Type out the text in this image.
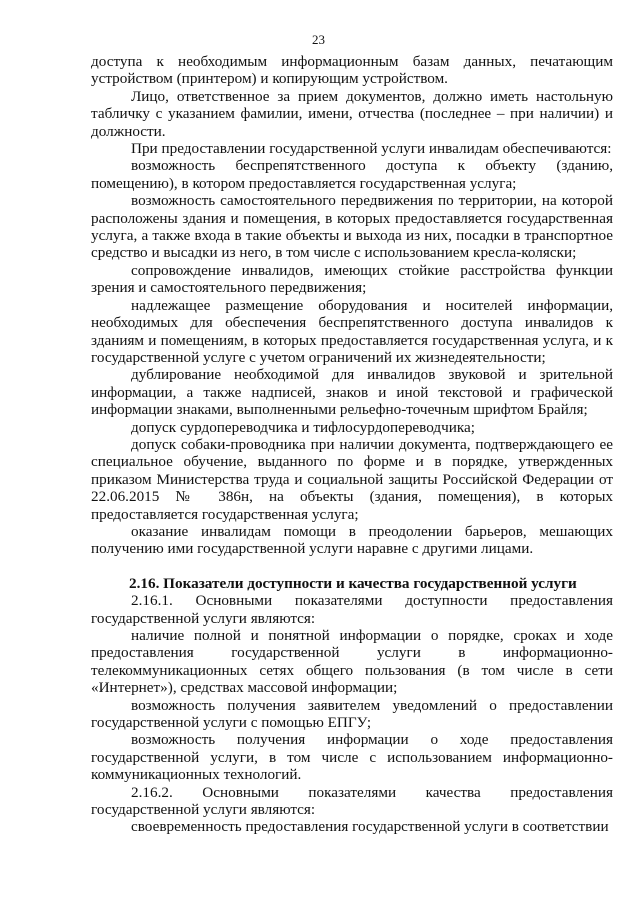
23

доступа к необходимым информационным базам данных, печатающим устройством (принтером) и копирующим устройством.

Лицо, ответственное за прием документов, должно иметь настольную табличку с указанием фамилии, имени, отчества (последнее – при наличии) и должности.

При предоставлении государственной услуги инвалидам обеспечиваются:

возможность беспрепятственного доступа к объекту (зданию, помещению), в котором предоставляется государственная услуга;

возможность самостоятельного передвижения по территории, на которой расположены здания и помещения, в которых предоставляется государственная услуга, а также входа в такие объекты и выхода из них, посадки в транспортное средство и высадки из него, в том числе с использованием кресла-коляски;

сопровождение инвалидов, имеющих стойкие расстройства функции зрения и самостоятельного передвижения;

надлежащее размещение оборудования и носителей информации, необходимых для обеспечения беспрепятственного доступа инвалидов к зданиям и помещениям, в которых предоставляется государственная услуга, и к государственной услуге с учетом ограничений их жизнедеятельности;

дублирование необходимой для инвалидов звуковой и зрительной информации, а также надписей, знаков и иной текстовой и графической информации знаками, выполненными рельефно-точечным шрифтом Брайля;

допуск сурдопереводчика и тифлосурдопереводчика;

допуск собаки-проводника при наличии документа, подтверждающего ее специальное обучение, выданного по форме и в порядке, утвержденных приказом Министерства труда и социальной защиты Российской Федерации от 22.06.2015 № 386н, на объекты (здания, помещения), в которых предоставляется государственная услуга;

оказание инвалидам помощи в преодолении барьеров, мешающих получению ими государственной услуги наравне с другими лицами.

2.16. Показатели доступности и качества государственной услуги

2.16.1. Основными показателями доступности предоставления государственной услуги являются:

наличие полной и понятной информации о порядке, сроках и ходе предоставления государственной услуги в информационно-телекоммуникационных сетях общего пользования (в том числе в сети «Интернет»), средствах массовой информации;

возможность получения заявителем уведомлений о предоставлении государственной услуги с помощью ЕПГУ;

возможность получения информации о ходе предоставления государственной услуги, в том числе с использованием информационно-коммуникационных технологий.

2.16.2. Основными показателями качества предоставления государственной услуги являются:

своевременность предоставления государственной услуги в соответствии
